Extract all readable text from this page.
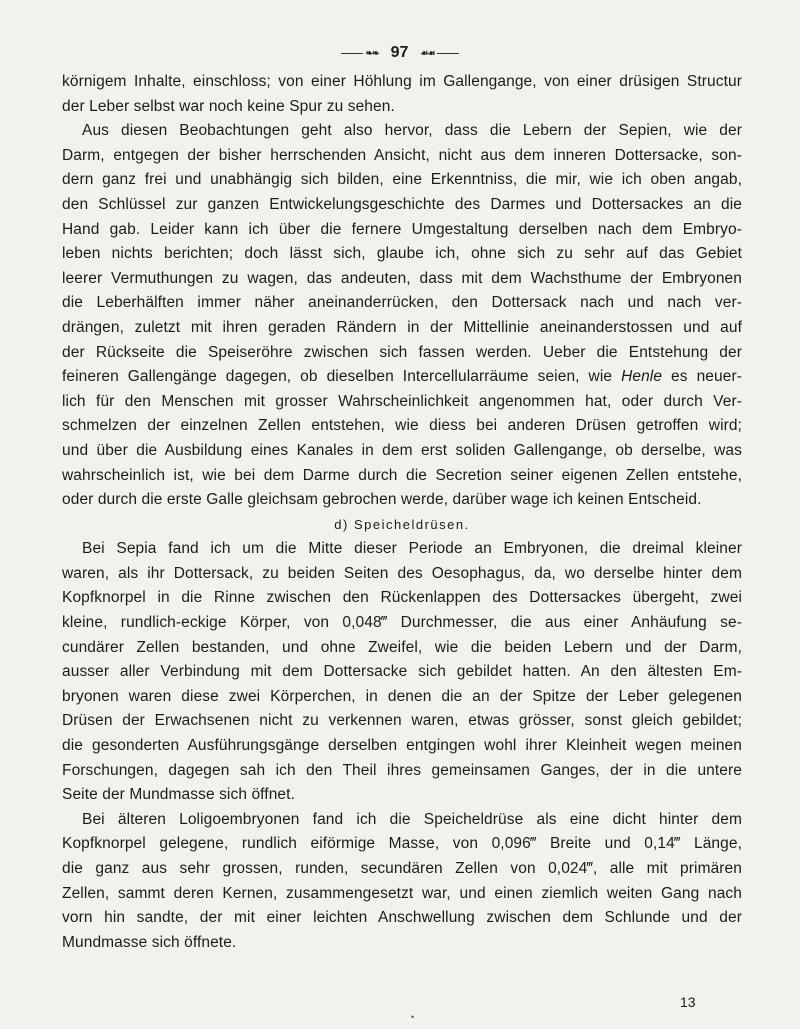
❧❧ 97 ☙☙

körnigem Inhalte, einschloss; von einer Höhlung im Gallengange, von einer drüsigen Structur

der Leber selbst war noch keine Spur zu sehen.

Aus diesen Beobachtungen geht also hervor, dass die Lebern der Sepien, wie der

Darm, entgegen der bisher herrschenden Ansicht, nicht aus dem inneren Dottersacke, son-

dern ganz frei und unabhängig sich bilden, eine Erkenntniss, die mir, wie ich oben angab,

den Schlüssel zur ganzen Entwickelungsgeschichte des Darmes und Dottersackes an die

Hand gab. Leider kann ich über die fernere Umgestaltung derselben nach dem Embryo-

leben nichts berichten; doch lässt sich, glaube ich, ohne sich zu sehr auf das Gebiet

leerer Vermuthungen zu wagen, das andeuten, dass mit dem Wachsthume der Embryonen

die Leberhälften immer näher aneinanderrücken, den Dottersack nach und nach ver-

drängen, zuletzt mit ihren geraden Rändern in der Mittellinie aneinanderstossen und auf

der Rückseite die Speiseröhre zwischen sich fassen werden. Ueber die Entstehung der

feineren Gallengänge dagegen, ob dieselben Intercellularräume seien, wie Henle es neuer-

lich für den Menschen mit grosser Wahrscheinlichkeit angenommen hat, oder durch Ver-

schmelzen der einzelnen Zellen entstehen, wie diess bei anderen Drüsen getroffen wird;

und über die Ausbildung eines Kanales in dem erst soliden Gallengange, ob derselbe, was

wahrscheinlich ist, wie bei dem Darme durch die Secretion seiner eigenen Zellen entstehe,

oder durch die erste Galle gleichsam gebrochen werde, darüber wage ich keinen Entscheid.

d) Speicheldrüsen.

Bei Sepia fand ich um die Mitte dieser Periode an Embryonen, die dreimal kleiner

waren, als ihr Dottersack, zu beiden Seiten des Oesophagus, da, wo derselbe hinter dem

Kopfknorpel in die Rinne zwischen den Rückenlappen des Dottersackes übergeht, zwei

kleine, rundlich-eckige Körper, von 0,048‴ Durchmesser, die aus einer Anhäufung se-

cundärer Zellen bestanden, und ohne Zweifel, wie die beiden Lebern und der Darm,

ausser aller Verbindung mit dem Dottersacke sich gebildet hatten. An den ältesten Em-

bryonen waren diese zwei Körperchen, in denen die an der Spitze der Leber gelegenen

Drüsen der Erwachsenen nicht zu verkennen waren, etwas grösser, sonst gleich gebildet;

die gesonderten Ausführungsgänge derselben entgingen wohl ihrer Kleinheit wegen meinen

Forschungen, dagegen sah ich den Theil ihres gemeinsamen Ganges, der in die untere

Seite der Mundmasse sich öffnet.

Bei älteren Loligoembryonen fand ich die Speicheldrüse als eine dicht hinter dem

Kopfknorpel gelegene, rundlich eiförmige Masse, von 0,096‴ Breite und 0,14‴ Länge,

die ganz aus sehr grossen, runden, secundären Zellen von 0,024‴, alle mit primären

Zellen, sammt deren Kernen, zusammengesetzt war, und einen ziemlich weiten Gang nach

vorn hin sandte, der mit einer leichten Anschwellung zwischen dem Schlunde und der

Mundmasse sich öffnete.

13
•
